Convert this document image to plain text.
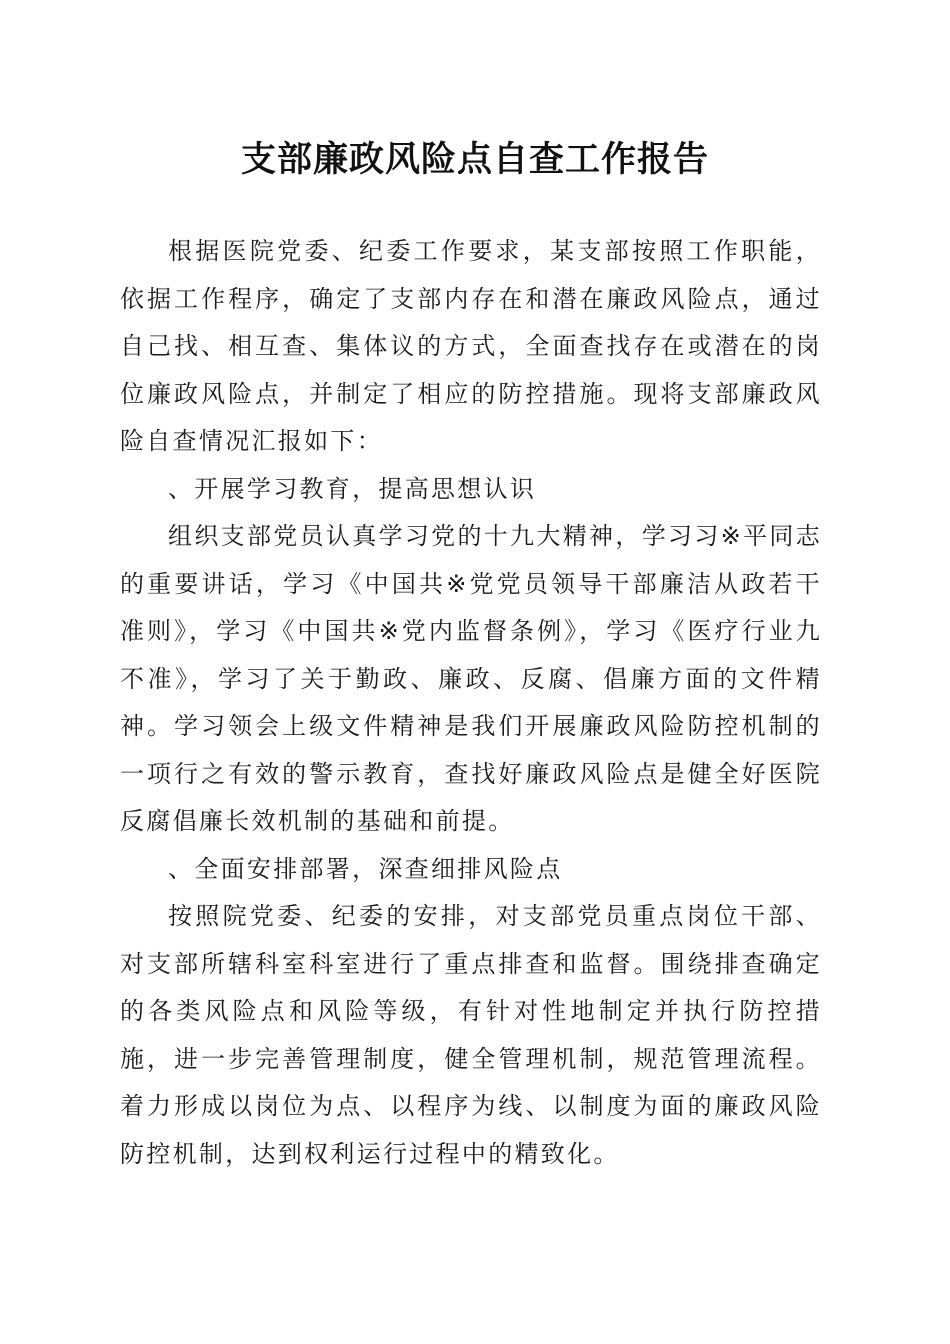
支部廉政风险点自查工作报告

根据医院党委、纪委工作要求，某支部按照工作职能，依据工作程序，确定了支部内存在和潜在廉政风险点，通过自己找、相互查、集体议的方式，全面查找存在或潜在的岗位廉政风险点，并制定了相应的防控措施。现将支部廉政风险自查情况汇报如下：

、开展学习教育，提高思想认识

组织支部党员认真学习党的十九大精神，学习习※平同志的重要讲话，学习《中国共※党党员领导干部廉洁从政若干准则》，学习《中国共※党内监督条例》，学习《医疗行业九不准》，学习了关于勤政、廉政、反腐、倡廉方面的文件精神。学习领会上级文件精神是我们开展廉政风险防控机制的一项行之有效的警示教育，查找好廉政风险点是健全好医院反腐倡廉长效机制的基础和前提。

、全面安排部署，深查细排风险点

按照院党委、纪委的安排，对支部党员重点岗位干部、对支部所辖科室科室进行了重点排查和监督。围绕排查确定的各类风险点和风险等级，有针对性地制定并执行防控措施，进一步完善管理制度，健全管理机制，规范管理流程。着力形成以岗位为点、以程序为线、以制度为面的廉政风险防控机制，达到权利运行过程中的精致化。
